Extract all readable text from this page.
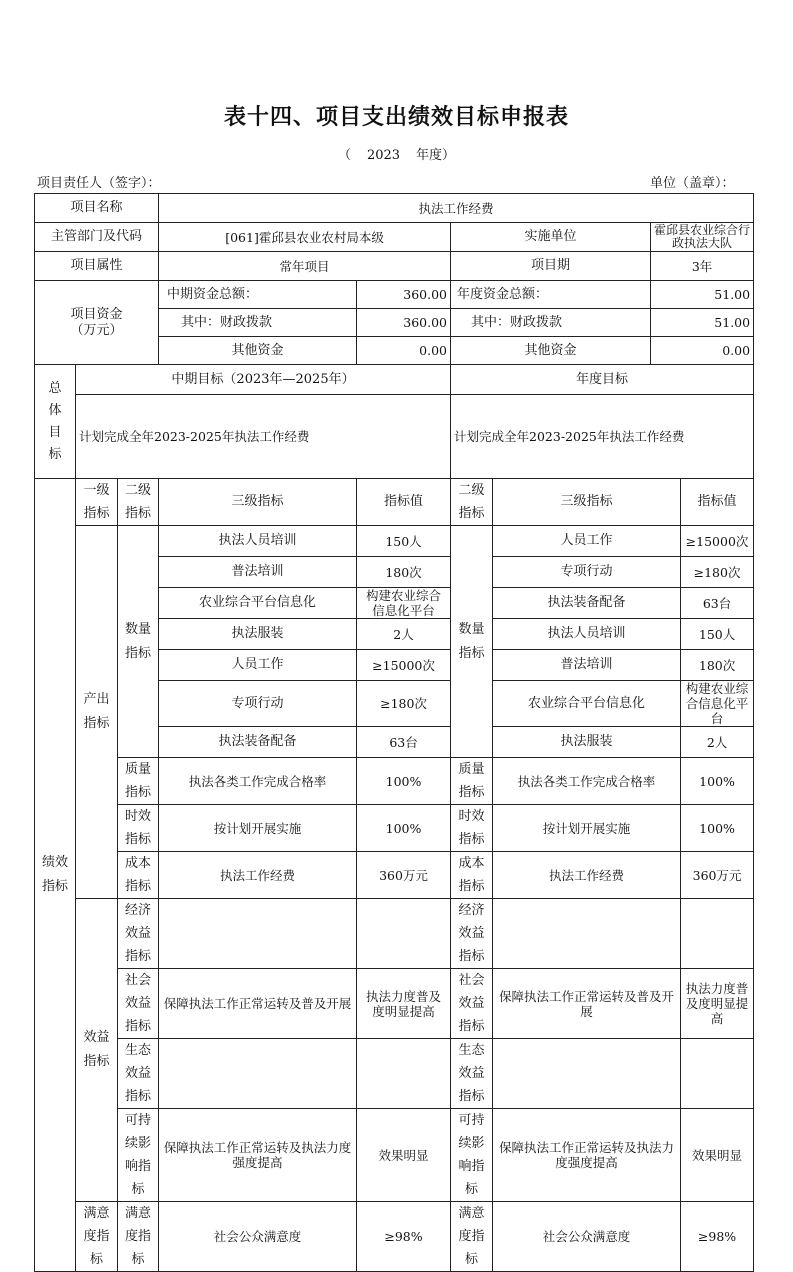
表十四、项目支出绩效目标申报表
（ 2023 年度）
项目责任人（签字）：	单位（盖章）：
项目名称			执法工作经费					
主管部门及代码			[061]霍邱县农业农村局本级		实施单位		霍邱县农业综合行政执法大队	
项目属性			常年项目		项目期		3年	

项目资金（万元）			中期资金总额：	360.00	年度资金总额：		51.00	
			其中：财政拨款	360.00	其中：财政拨款		51.00	
			其他资金	0.00	其他资金		0.00	

总体目标	中期目标（2023年—2025年）				年度目标			
	计划完成全年2023-2025年执法工作经费				计划完成全年2023-2025年执法工作经费			

绩效指标	一级指标	二级指标	三级指标	指标值	二级指标	三级指标		指标值

	产出指标	数量指标	执法人员培训	150人	数量指标	人员工作		≥15000次
			普法培训	180次		专项行动		≥180次
			农业综合平台信息化	构建农业综合信息化平台		执法装备配备		63台
			执法服装	2人		执法人员培训		150人
			人员工作	≥15000次		普法培训		180次
			专项行动	≥180次		农业综合平台信息化		构建农业综合信息化平台
			执法装备配备	63台		执法服装		2人

		质量指标	执法各类工作完成合格率	100%	质量指标	执法各类工作完成合格率		100%

		时效指标	按计划开展实施	100%	时效指标	按计划开展实施		100%

		成本指标	执法工作经费	360万元	成本指标	执法工作经费		360万元

	效益指标	经济效益指标			经济效益指标			

		社会效益指标	保障执法工作正常运转及普及开展	执法力度普及度明显提高	社会效益指标	保障执法工作正常运转及普及开展		执法力度普及度明显提高

		生态效益指标			生态效益指标			

		可持续影响指标	保障执法工作正常运转及执法力度强度提高	效果明显	可持续影响指标	保障执法工作正常运转及执法力度强度提高		效果明显

	满意度指标	满意度指标	社会公众满意度	≥98%	满意度指标	社会公众满意度		≥98%
